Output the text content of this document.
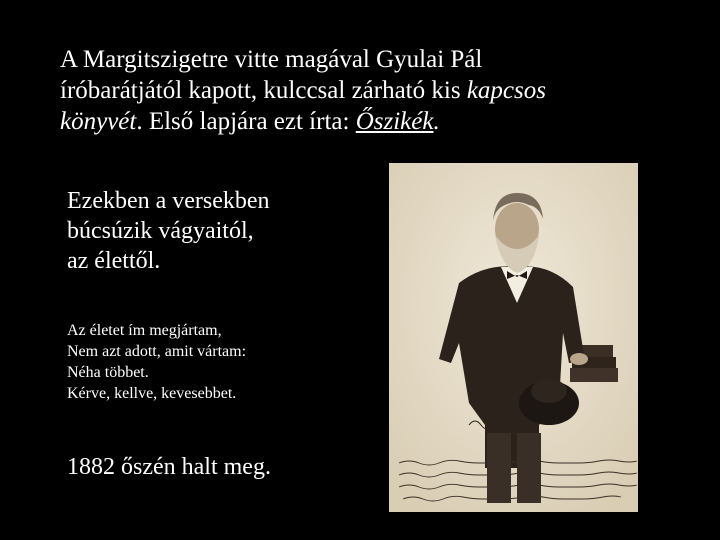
A Margitszigetre vitte magával Gyulai Pál
íróbarátjától kapott, kulccsal zárható kis kapcsos
könyvét. Első lapjára ezt írta: Őszikék.

Ezekben a versekben
búcsúzik vágyaitól,
az élettől.

Az életet ím megjártam,
Nem azt adott, amit vártam:
Néha többet.
Kérve, kellve, kevesebbet.

1882 őszén halt meg.
